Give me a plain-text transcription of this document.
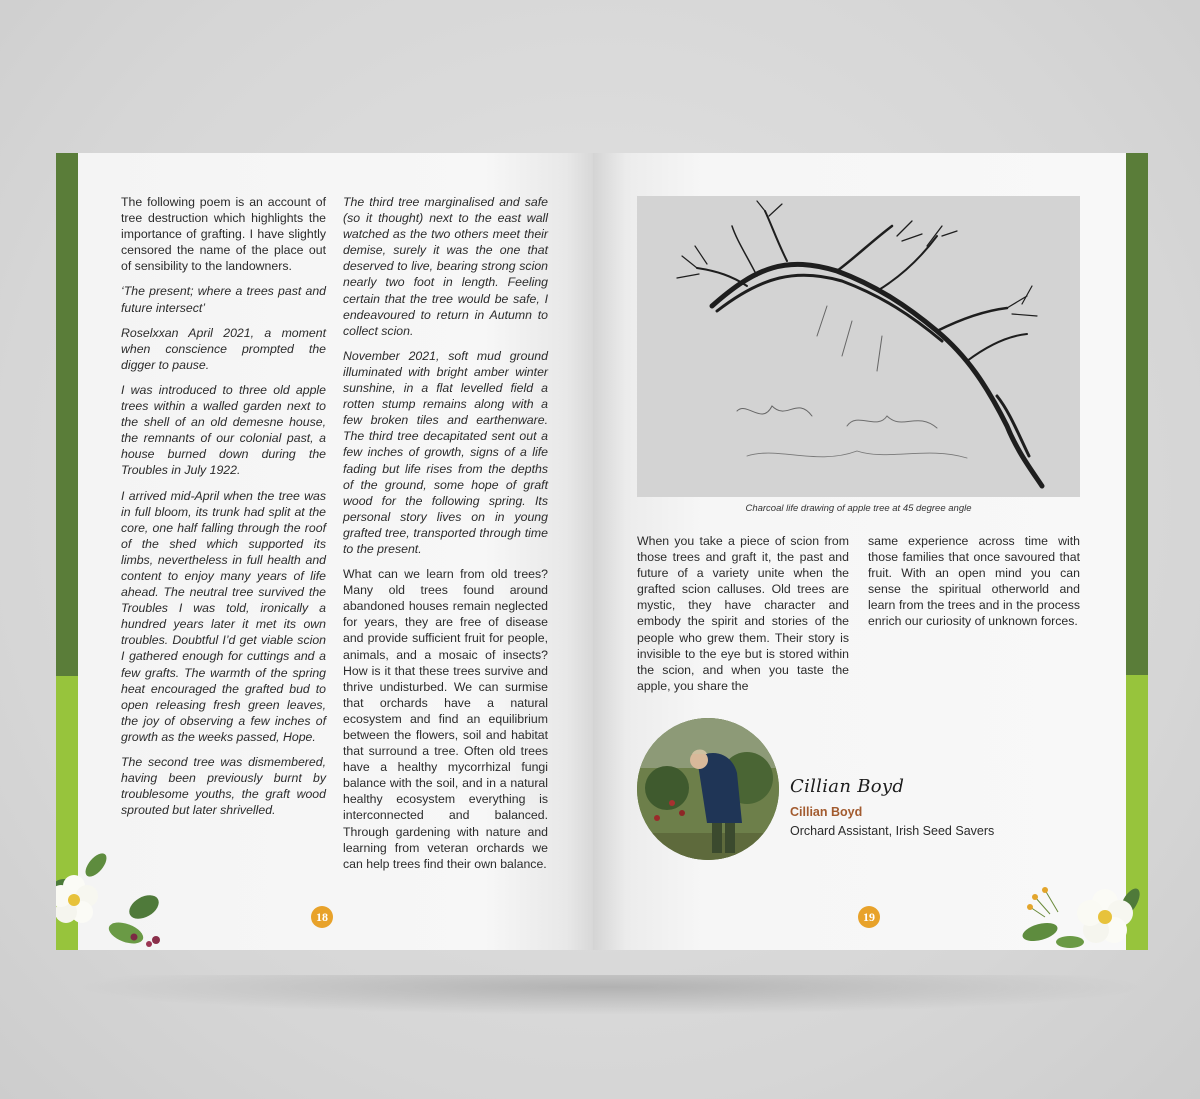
The following poem is an account of tree destruction which highlights the importance of grafting. I have slightly censored the name of the place out of sensibility to the landowners.

‘The present; where a trees past and future intersect’

Roselxxan April 2021, a moment when conscience prompted the digger to pause.

I was introduced to three old apple trees within a walled garden next to the shell of an old demesne house, the remnants of our colonial past, a house burned down during the Troubles in July 1922.

I arrived mid-April when the tree was in full bloom, its trunk had split at the core, one half falling through the roof of the shed which supported its limbs, nevertheless in full health and content to enjoy many years of life ahead. The neutral tree survived the Troubles I was told, ironically a hundred years later it met its own troubles. Doubtful I’d get viable scion I gathered enough for cuttings and a few grafts. The warmth of the spring heat encouraged the grafted bud to open releasing fresh green leaves, the joy of observing a few inches of growth as the weeks passed, Hope.

The second tree was dismembered, having been previously burnt by troublesome youths, the graft wood sprouted but later shrivelled.

The third tree marginalised and safe (so it thought) next to the east wall watched as the two others meet their demise, surely it was the one that deserved to live, bearing strong scion nearly two foot in length. Feeling certain that the tree would be safe, I endeavoured to return in Autumn to collect scion.

November 2021, soft mud ground illuminated with bright amber winter sunshine, in a flat levelled field a rotten stump remains along with a few broken tiles and earthenware. The third tree decapitated sent out a few inches of growth, signs of a life fading but life rises from the depths of the ground, some hope of graft wood for the following spring. Its personal story lives on in young grafted tree, transported through time to the present.

What can we learn from old trees? Many old trees found around abandoned houses remain neglected for years, they are free of disease and provide sufficient fruit for people, animals, and a mosaic of insects? How is it that these trees survive and thrive undisturbed. We can surmise that orchards have a natural ecosystem and find an equilibrium between the flowers, soil and habitat that surround a tree. Often old trees have a healthy mycorrhizal fungi balance with the soil, and in a natural healthy ecosystem everything is interconnected and balanced. Through gardening with nature and learning from veteran orchards we can help trees find their own balance.

18
Charcoal life drawing of apple tree at 45 degree angle
When you take a piece of scion from those trees and graft it, the past and future of a variety unite when the grafted scion calluses. Old trees are mystic, they have character and embody the spirit and stories of the people who grew them. Their story is invisible to the eye but is stored within the scion, and when you taste the apple, you share the
same experience across time with those families that once savoured that fruit. With an open mind you can sense the spiritual otherworld and learn from the trees and in the process enrich our curiosity of unknown forces.
Cillian Boyd
Cillian Boyd
Orchard Assistant, Irish Seed Savers
19
